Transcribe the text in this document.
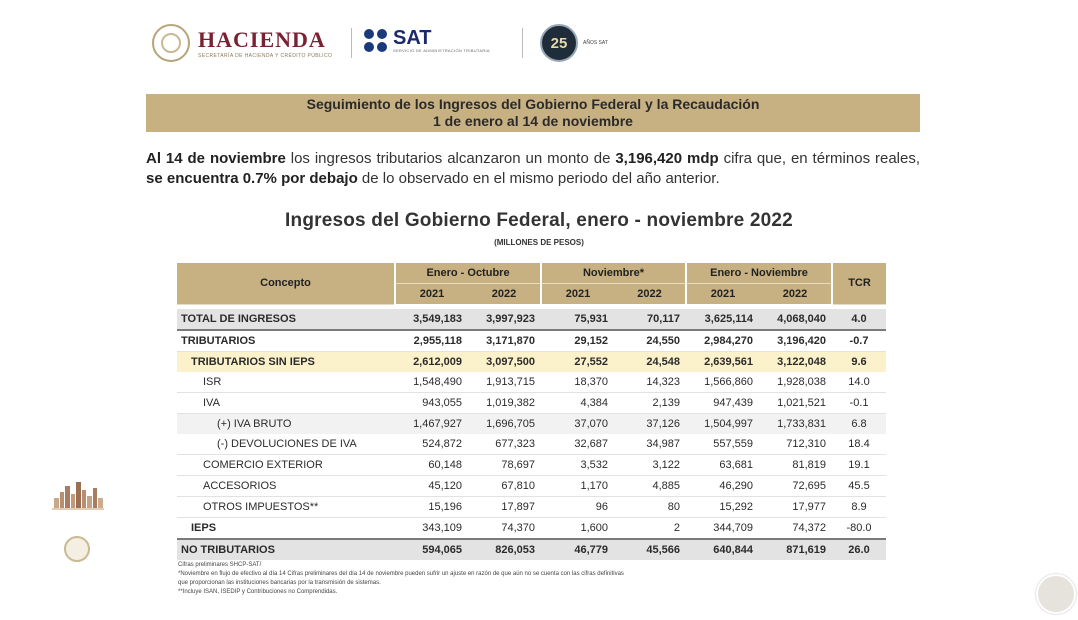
HACIENDA
SECRETARÍA DE HACIENDA Y CRÉDITO PÚBLICO
SAT
SERVICIO DE ADMINISTRACIÓN TRIBUTARIA	25	AÑOS SAT
Seguimiento de los Ingresos del Gobierno Federal y la Recaudación
1 de enero al 14 de noviembre
Al 14 de noviembre los ingresos tributarios alcanzaron un monto de 3,196,420 mdp cifra que, en términos reales, se encuentra 0.7% por debajo de lo observado en el mismo periodo del año anterior.
Ingresos del Gobierno Federal, enero - noviembre 2022
(MILLONES DE PESOS)
Concepto	Enero - Octubre		Noviembre*		Enero - Noviembre		TCR
	2021	2022	2021	2022	2021	2022	

TOTAL DE INGRESOS	3,549,183	3,997,923	75,931	70,117	3,625,114	4,068,040	4.0
TRIBUTARIOS	2,955,118	3,171,870	29,152	24,550	2,984,270	3,196,420	-0.7
TRIBUTARIOS SIN IEPS	2,612,009	3,097,500	27,552	24,548	2,639,561	3,122,048	9.6
ISR	1,548,490	1,913,715	18,370	14,323	1,566,860	1,928,038	14.0
IVA	943,055	1,019,382	4,384	2,139	947,439	1,021,521	-0.1
(+) IVA BRUTO	1,467,927	1,696,705	37,070	37,126	1,504,997	1,733,831	6.8
(-) DEVOLUCIONES DE IVA	524,872	677,323	32,687	34,987	557,559	712,310	18.4
COMERCIO EXTERIOR	60,148	78,697	3,532	3,122	63,681	81,819	19.1
ACCESORIOS	45,120	67,810	1,170	4,885	46,290	72,695	45.5
OTROS IMPUESTOS**	15,196	17,897	96	80	15,292	17,977	8.9
IEPS	343,109	74,370	1,600	2	344,709	74,372	-80.0
NO TRIBUTARIOS	594,065	826,053	46,779	45,566	640,844	871,619	26.0
Cifras preliminares SHCP-SAT/
*Noviembre en flujo de efectivo al día 14 Cifras preliminares del día 14 de noviembre pueden sufrir un ajuste en razón de que aún no se cuenta con las cifras definitivas
que proporcionan las instituciones bancarias por la transmisión de sistemas.
**Incluye ISAN, ISEDIP y Contribuciones no Comprendidas.
